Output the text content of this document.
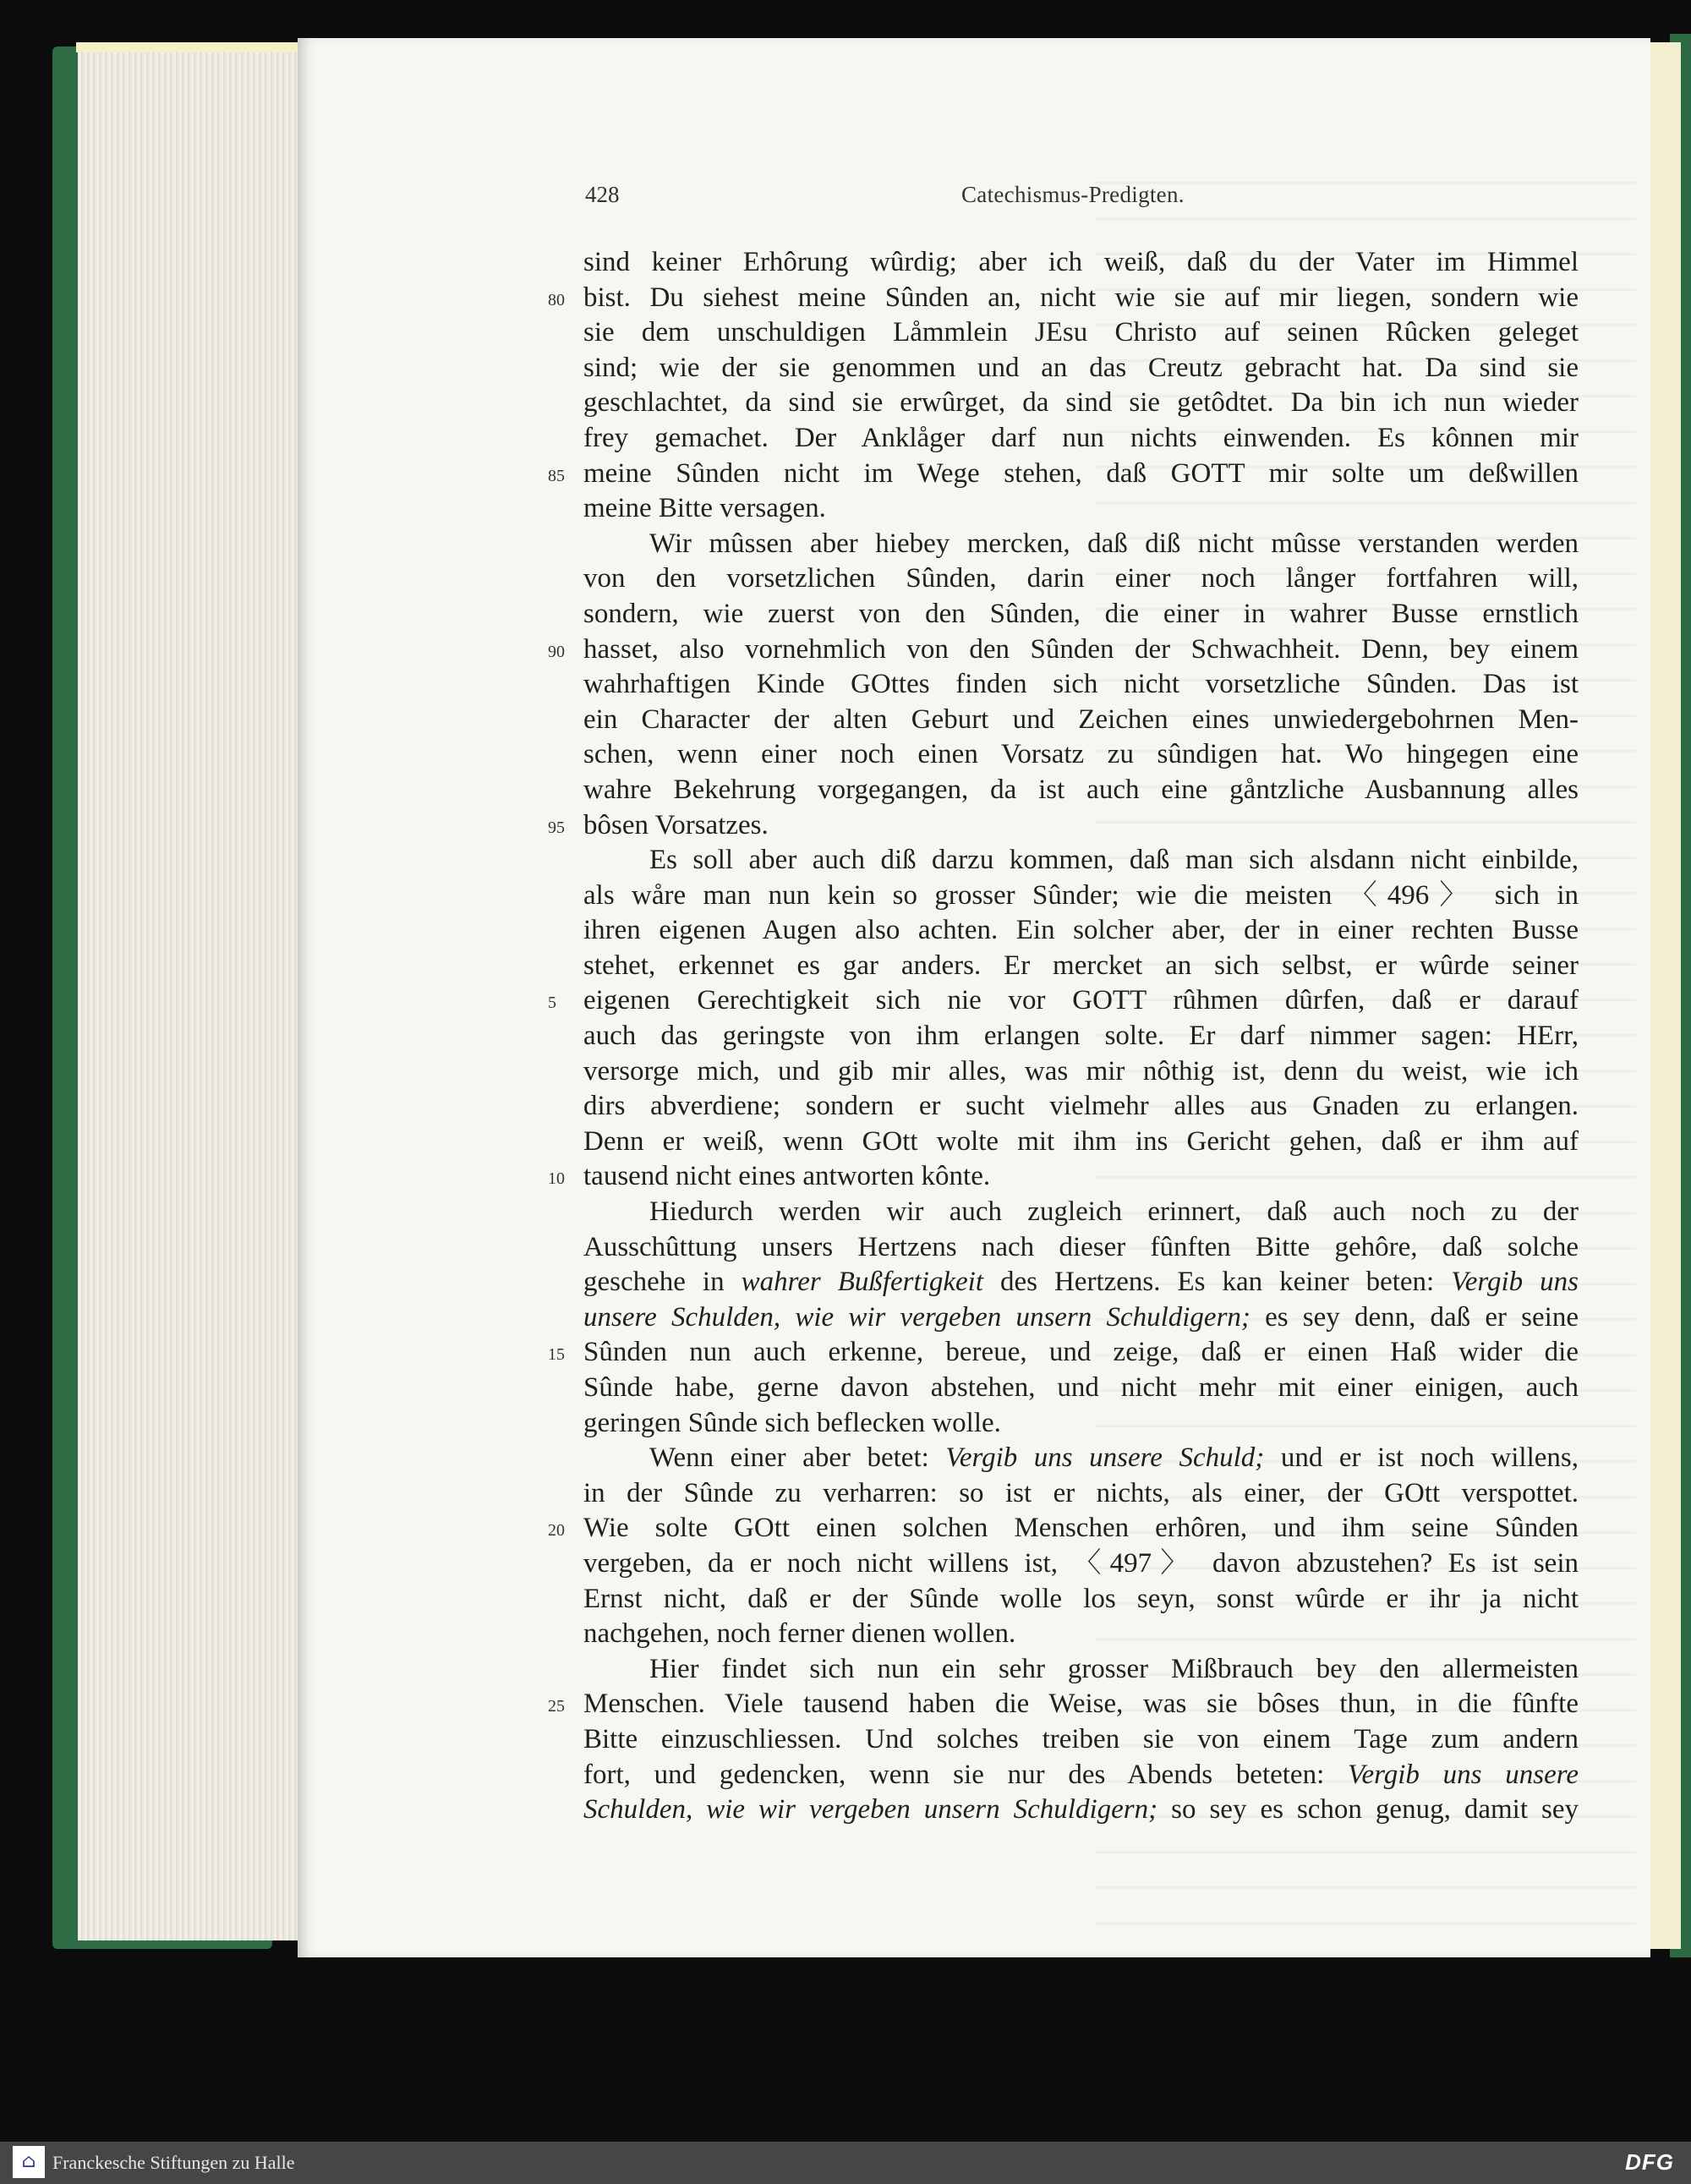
428	Catechismus-Predigten.
sind keiner Erhôrung wûrdig; aber ich weiß, daß du der Vater im Himmel
80 bist. Du siehest meine Sûnden an, nicht wie sie auf mir liegen, sondern wie
sie dem unschuldigen Låmmlein JEsu Christo auf seinen Rûcken geleget
sind; wie der sie genommen und an das Creutz gebracht hat. Da sind sie
geschlachtet, da sind sie erwûrget, da sind sie getôdtet. Da bin ich nun wieder
frey gemachet. Der Anklåger darf nun nichts einwenden. Es kônnen mir
85 meine Sûnden nicht im Wege stehen, daß GOTT mir solte um deßwillen
meine Bitte versagen.
Wir mûssen aber hiebey mercken, daß diß nicht mûsse verstanden werden
von den vorsetzlichen Sûnden, darin einer noch långer fortfahren will,
sondern, wie zuerst von den Sûnden, die einer in wahrer Busse ernstlich
90 hasset, also vornehmlich von den Sûnden der Schwachheit. Denn, bey einem
wahrhaftigen Kinde GOttes finden sich nicht vorsetzliche Sûnden. Das ist
ein Character der alten Geburt und Zeichen eines unwiedergebohrnen Men-
schen, wenn einer noch einen Vorsatz zu sûndigen hat. Wo hingegen eine
wahre Bekehrung vorgegangen, da ist auch eine gåntzliche Ausbannung alles
95 bôsen Vorsatzes.
Es soll aber auch diß darzu kommen, daß man sich alsdann nicht einbilde,
als wåre man nun kein so grosser Sûnder; wie die meisten 〈496〉 sich in
ihren eigenen Augen also achten. Ein solcher aber, der in einer rechten Busse
stehet, erkennet es gar anders. Er mercket an sich selbst, er wûrde seiner
5 eigenen Gerechtigkeit sich nie vor GOTT rûhmen dûrfen, daß er darauf
auch das geringste von ihm erlangen solte. Er darf nimmer sagen: HErr,
versorge mich, und gib mir alles, was mir nôthig ist, denn du weist, wie ich
dirs abverdiene; sondern er sucht vielmehr alles aus Gnaden zu erlangen.
Denn er weiß, wenn GOtt wolte mit ihm ins Gericht gehen, daß er ihm auf
10 tausend nicht eines antworten kônte.
Hiedurch werden wir auch zugleich erinnert, daß auch noch zu der
Ausschûttung unsers Hertzens nach dieser fûnften Bitte gehôre, daß solche
geschehe in wahrer Bußfertigkeit des Hertzens. Es kan keiner beten: Vergib uns
unsere Schulden, wie wir vergeben unsern Schuldigern; es sey denn, daß er seine
15 Sûnden nun auch erkenne, bereue, und zeige, daß er einen Haß wider die
Sûnde habe, gerne davon abstehen, und nicht mehr mit einer einigen, auch
geringen Sûnde sich beflecken wolle.
Wenn einer aber betet: Vergib uns unsere Schuld; und er ist noch willens,
in der Sûnde zu verharren: so ist er nichts, als einer, der GOtt verspottet.
20 Wie solte GOtt einen solchen Menschen erhôren, und ihm seine Sûnden
vergeben, da er noch nicht willens ist, 〈497〉 davon abzustehen? Es ist sein
Ernst nicht, daß er der Sûnde wolle los seyn, sonst wûrde er ihr ja nicht
nachgehen, noch ferner dienen wollen.
Hier findet sich nun ein sehr grosser Mißbrauch bey den allermeisten
25 Menschen. Viele tausend haben die Weise, was sie bôses thun, in die fûnfte
Bitte einzuschliessen. Und solches treiben sie von einem Tage zum andern
fort, und gedencken, wenn sie nur des Abends beteten: Vergib uns unsere
Schulden, wie wir vergeben unsern Schuldigern; so sey es schon genug, damit sey
⌂ Franckesche Stiftungen zu Halle	DFG
